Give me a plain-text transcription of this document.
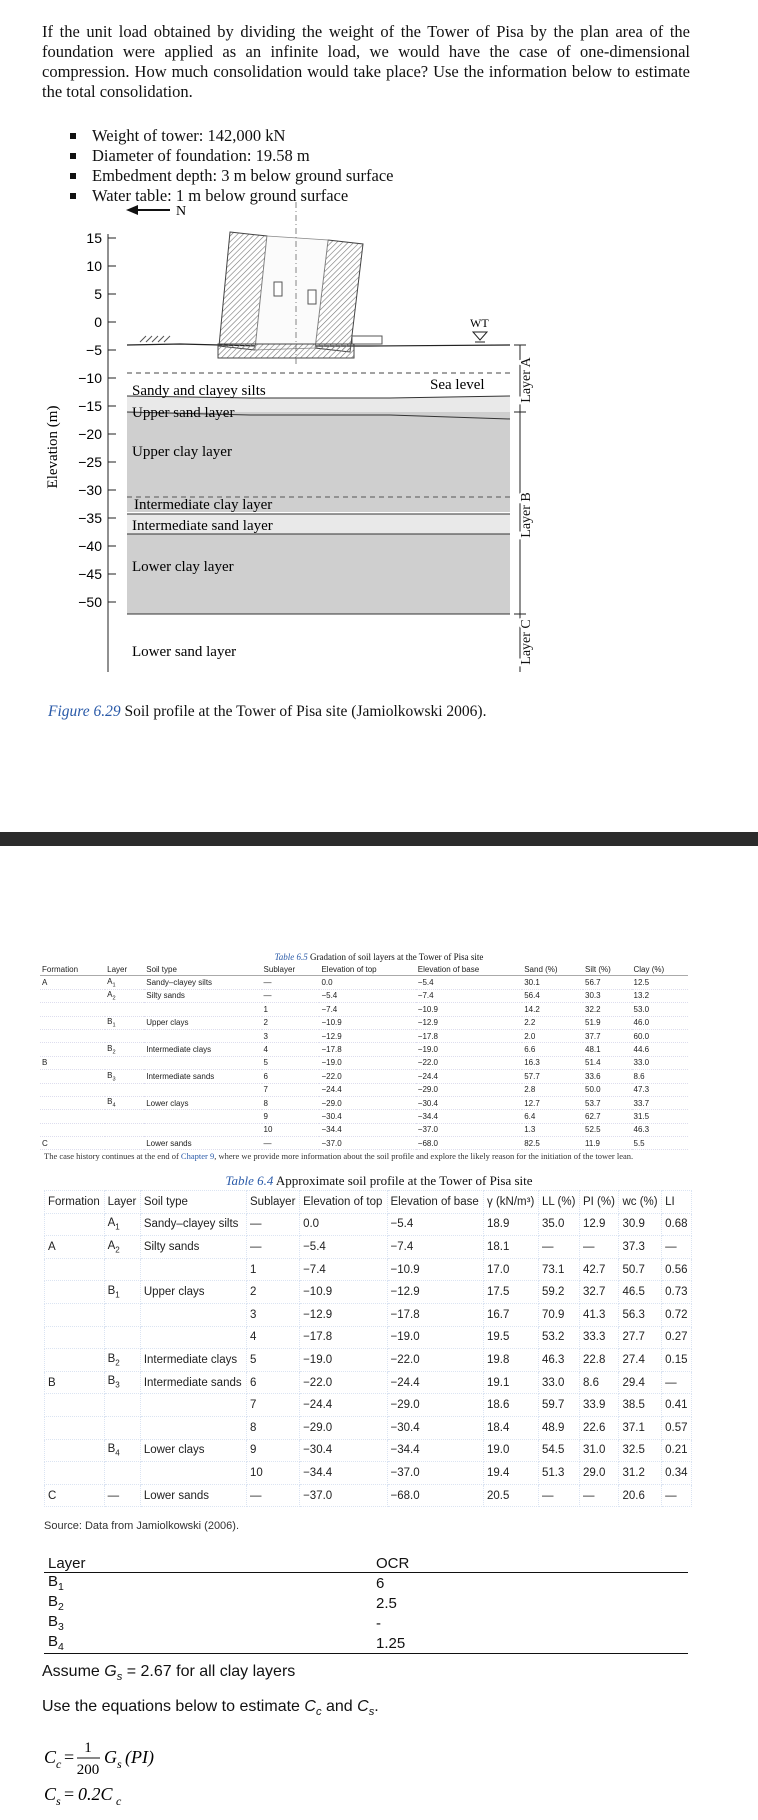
If the unit load obtained by dividing the weight of the Tower of Pisa by the plan area of the foundation were applied as an infinite load, we would have the case of one-dimensional compression. How much consolidation would take place? Use the information below to estimate the total consolidation.
Weight of tower: 142,000 kN
Diameter of foundation: 19.58 m
Embedment depth: 3 m below ground surface
Water table: 1 m below ground surface
N
WT
15
10
5
0
−5
−10
−15
−20
−25
−30
−35
−40
−45
−50
Elevation (m)
Sandy and clayey silts
Upper sand layer
Upper clay layer
Intermediate clay layer
Intermediate sand layer
Lower clay layer
Lower sand layer
Sea level Layer A
Layer B
Layer C
Figure 6.29 Soil profile at the Tower of Pisa site (Jamiolkowski 2006).
Table 6.5 Gradation of soil layers at the Tower of Pisa site
Formation	Layer	Soil type	Sublayer	Elevation of top	Elevation of base	Sand (%)	Silt (%)	Clay (%)
A	$A_1$	Sandy–clayey silts	—	0.0	−5.4	30.1	56.7	12.5
	$A_2$	Silty sands	—	−5.4	−7.4	56.4	30.3	13.2
			1	−7.4	−10.9	14.2	32.2	53.0
	$B_1$	Upper clays	2	−10.9	−12.9	2.2	51.9	46.0
			3	−12.9	−17.8	2.0	37.7	60.0
	$B_2$	Intermediate clays	4	−17.8	−19.0	6.6	48.1	44.6
B			5	−19.0	−22.0	16.3	51.4	33.0
	$B_3$	Intermediate sands	6	−22.0	−24.4	57.7	33.6	8.6
			7	−24.4	−29.0	2.8	50.0	47.3
	$B_4$	Lower clays	8	−29.0	−30.4	12.7	53.7	33.7
			9	−30.4	−34.4	6.4	62.7	31.5
			10	−34.4	−37.0	1.3	52.5	46.3
C		Lower sands	—	−37.0	−68.0	82.5	11.9	5.5
The case history continues at the end of Chapter 9, where we provide more information about the soil profile and explore the likely reason for the initiation of the tower lean.
Table 6.4 Approximate soil profile at the Tower of Pisa site
Formation	Layer	Soil type	Sublayer	Elevation of top	Elevation of base	γ (kN/m³)	LL (%)	PI (%)	wc (%)	LI
	$A_1$	Sandy–clayey silts	—	0.0	−5.4	18.9	35.0	12.9	30.9	0.68
A	$A_2$	Silty sands	—	−5.4	−7.4	18.1	—	—	37.3	—
			1	−7.4	−10.9	17.0	73.1	42.7	50.7	0.56
	$B_1$	Upper clays	2	−10.9	−12.9	17.5	59.2	32.7	46.5	0.73
			3	−12.9	−17.8	16.7	70.9	41.3	56.3	0.72
			4	−17.8	−19.0	19.5	53.2	33.3	27.7	0.27
	$B_2$	Intermediate clays	5	−19.0	−22.0	19.8	46.3	22.8	27.4	0.15
B	$B_3$	Intermediate sands	6	−22.0	−24.4	19.1	33.0	8.6	29.4	—
			7	−24.4	−29.0	18.6	59.7	33.9	38.5	0.41
			8	−29.0	−30.4	18.4	48.9	22.6	37.1	0.57
	$B_4$	Lower clays	9	−30.4	−34.4	19.0	54.5	31.0	32.5	0.21
			10	−34.4	−37.0	19.4	51.3	29.0	31.2	0.34
C	—	Lower sands	—	−37.0	−68.0	20.5	—	—	20.6	—
Source: Data from Jamiolkowski (2006).
Layer	OCR
$B_1$	6
$B_2$	2.5
$B_3$	-
$B_4$	1.25
Assume $G_s = 2.67$ for all clay layers
Use the equations below to estimate $C_c$ and $C_s$.
C c = 1
200
G s (PI)
C s = 0.2C c
